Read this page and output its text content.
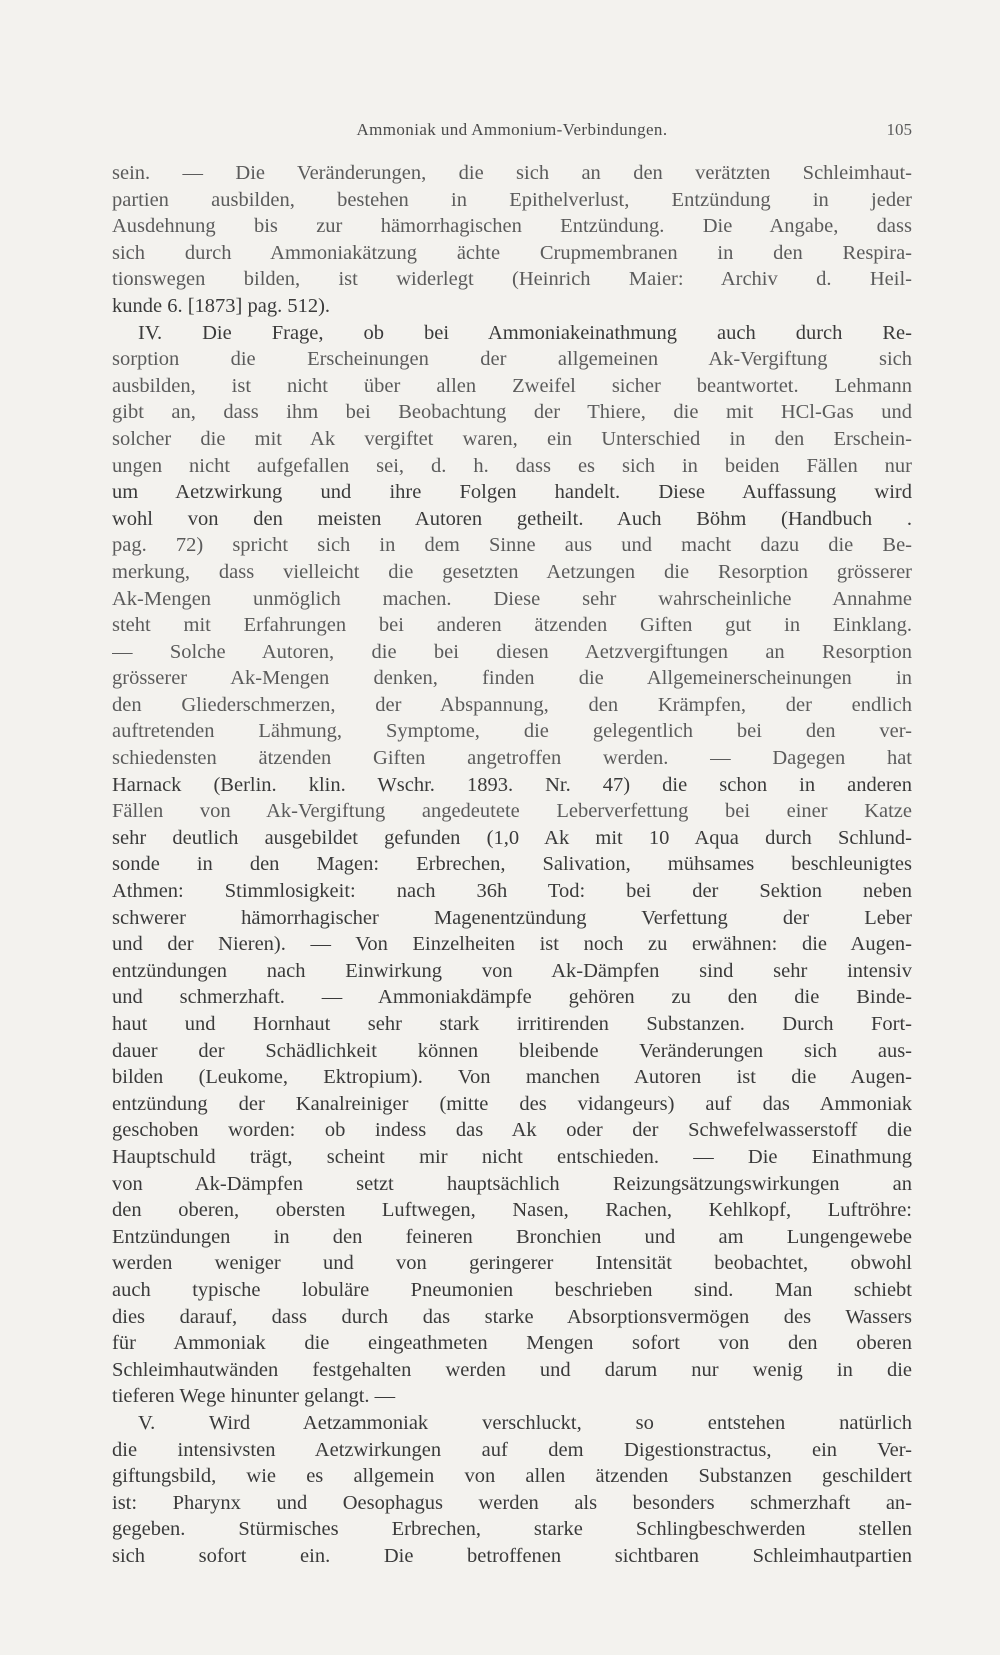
Ammoniak und Ammonium-Verbindungen.	105
sein. — Die Veränderungen, die sich an den verätzten Schleimhaut-
partien ausbilden, bestehen in Epithelverlust, Entzündung in jeder
Ausdehnung bis zur hämorrhagischen Entzündung. Die Angabe, dass
sich durch Ammoniakätzung ächte Crupmembranen in den Respira-
tionswegen bilden, ist widerlegt (Heinrich Maier: Archiv d. Heil-
kunde 6. [1873] pag. 512).
IV. Die Frage, ob bei Ammoniakeinathmung auch durch Re-
sorption die Erscheinungen der allgemeinen Ak-Vergiftung sich
ausbilden, ist nicht über allen Zweifel sicher beantwortet. Lehmann
gibt an, dass ihm bei Beobachtung der Thiere, die mit HCl-Gas und
solcher die mit Ak vergiftet waren, ein Unterschied in den Erschein-
ungen nicht aufgefallen sei, d. h. dass es sich in beiden Fällen nur
um Aetzwirkung und ihre Folgen handelt. Diese Auffassung wird
wohl von den meisten Autoren getheilt. Auch Böhm (Handbuch .
pag. 72) spricht sich in dem Sinne aus und macht dazu die Be-
merkung, dass vielleicht die gesetzten Aetzungen die Resorption grösserer
Ak-Mengen unmöglich machen. Diese sehr wahrscheinliche Annahme
steht mit Erfahrungen bei anderen ätzenden Giften gut in Einklang.
— Solche Autoren, die bei diesen Aetzvergiftungen an Resorption
grösserer Ak-Mengen denken, finden die Allgemeinerscheinungen in
den Gliederschmerzen, der Abspannung, den Krämpfen, der endlich
auftretenden Lähmung, Symptome, die gelegentlich bei den ver-
schiedensten ätzenden Giften angetroffen werden. — Dagegen hat
Harnack (Berlin. klin. Wschr. 1893. Nr. 47) die schon in anderen
Fällen von Ak-Vergiftung angedeutete Leberverfettung bei einer Katze
sehr deutlich ausgebildet gefunden (1,0 Ak mit 10 Aqua durch Schlund-
sonde in den Magen: Erbrechen, Salivation, mühsames beschleunigtes
Athmen: Stimmlosigkeit: nach 36h Tod: bei der Sektion neben
schwerer hämorrhagischer Magenentzündung Verfettung der Leber
und der Nieren). — Von Einzelheiten ist noch zu erwähnen: die Augen-
entzündungen nach Einwirkung von Ak-Dämpfen sind sehr intensiv
und schmerzhaft. — Ammoniakdämpfe gehören zu den die Binde-
haut und Hornhaut sehr stark irritirenden Substanzen. Durch Fort-
dauer der Schädlichkeit können bleibende Veränderungen sich aus-
bilden (Leukome, Ektropium). Von manchen Autoren ist die Augen-
entzündung der Kanalreiniger (mitte des vidangeurs) auf das Ammoniak
geschoben worden: ob indess das Ak oder der Schwefelwasserstoff die
Hauptschuld trägt, scheint mir nicht entschieden. — Die Einathmung
von Ak-Dämpfen setzt hauptsächlich Reizungsätzungswirkungen an
den oberen, obersten Luftwegen, Nasen, Rachen, Kehlkopf, Luftröhre:
Entzündungen in den feineren Bronchien und am Lungengewebe
werden weniger und von geringerer Intensität beobachtet, obwohl
auch typische lobuläre Pneumonien beschrieben sind. Man schiebt
dies darauf, dass durch das starke Absorptionsvermögen des Wassers
für Ammoniak die eingeathmeten Mengen sofort von den oberen
Schleimhautwänden festgehalten werden und darum nur wenig in die
tieferen Wege hinunter gelangt. —
V. Wird Aetzammoniak verschluckt, so entstehen natürlich
die intensivsten Aetzwirkungen auf dem Digestionstractus, ein Ver-
giftungsbild, wie es allgemein von allen ätzenden Substanzen geschildert
ist: Pharynx und Oesophagus werden als besonders schmerzhaft an-
gegeben. Stürmisches Erbrechen, starke Schlingbeschwerden stellen
sich sofort ein. Die betroffenen sichtbaren Schleimhautpartien
